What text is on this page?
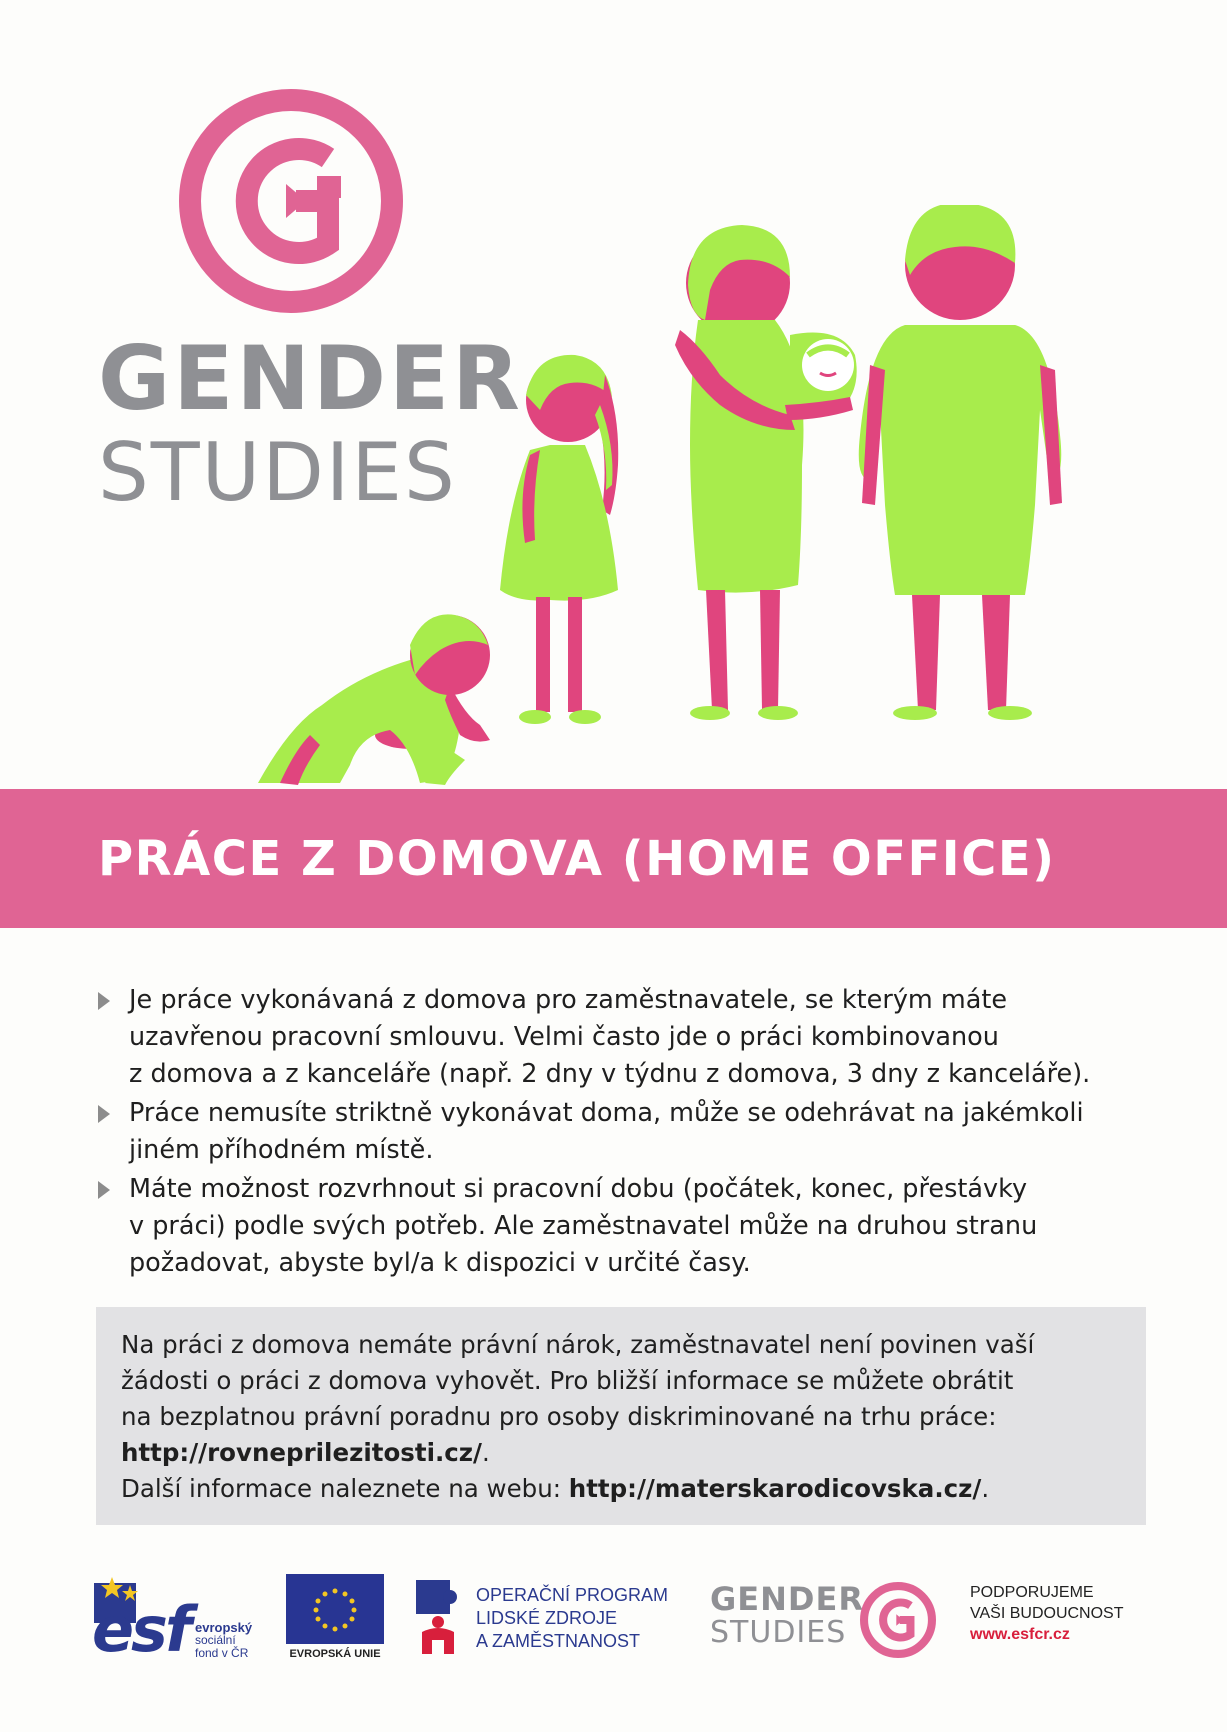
GENDER
STUDIES
PRÁCE Z DOMOVA (HOME OFFICE)
Je práce vykonávaná z domova pro zaměstnavatele, se kterým máte
uzavřenou pracovní smlouvu. Velmi často jde o práci kombinovanou
z domova a z kanceláře (např. 2 dny v týdnu z domova, 3 dny z kanceláře).
Práce nemusíte striktně vykonávat doma, může se odehrávat na jakémkoli
jiném příhodném místě.
Máte možnost rozvrhnout si pracovní dobu (počátek, konec, přestávky
v práci) podle svých potřeb. Ale zaměstnavatel může na druhou stranu
požadovat, abyste byl/a k dispozici v určité časy.
Na práci z domova nemáte právní nárok, zaměstnavatel není povinen vaší
žádosti o práci z domova vyhovět. Pro bližší informace se můžete obrátit
na bezplatnou právní poradnu pro osoby diskriminované na trhu práce:
http://rovneprilezitosti.cz/.
Další informace naleznete na webu: http://materskarodicovska.cz/.
esf evropský
sociální
fond v ČR	EVROPSKÁ UNIE
OPERAČNÍ PROGRAM
LIDSKÉ ZDROJE
A ZAMĚSTNANOST
GENDER
STUDIES
PODPORUJEME
VAŠI BUDOUCNOST
www.esfcr.cz
